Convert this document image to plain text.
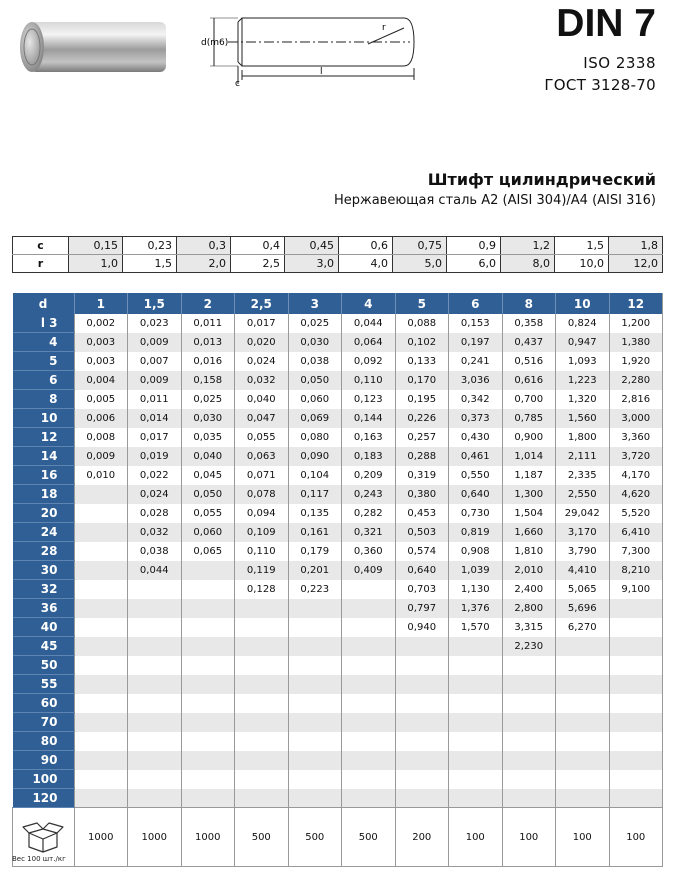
d(m6)
r
l
c
DIN 7
ISO 2338
ГОСТ 3128-70
Штифт цилиндрический
Нержавеющая сталь A2 (AISI 304)/A4 (AISI 316)
c	0,15	0,23	0,3	0,4	0,45	0,6	0,75	0,9	1,2	1,5	1,8
r	1,0	1,5	2,0	2,5	3,0	4,0	5,0	6,0	8,0	10,0	12,0
d	1	1,5	2	2,5	3	4	5	6	8	10	12
l 3	0,002	0,023	0,011	0,017	0,025	0,044	0,088	0,153	0,358	0,824	1,200
4	0,003	0,009	0,013	0,020	0,030	0,064	0,102	0,197	0,437	0,947	1,380
5	0,003	0,007	0,016	0,024	0,038	0,092	0,133	0,241	0,516	1,093	1,920
6	0,004	0,009	0,158	0,032	0,050	0,110	0,170	3,036	0,616	1,223	2,280
8	0,005	0,011	0,025	0,040	0,060	0,123	0,195	0,342	0,700	1,320	2,816
10	0,006	0,014	0,030	0,047	0,069	0,144	0,226	0,373	0,785	1,560	3,000
12	0,008	0,017	0,035	0,055	0,080	0,163	0,257	0,430	0,900	1,800	3,360
14	0,009	0,019	0,040	0,063	0,090	0,183	0,288	0,461	1,014	2,111	3,720
16	0,010	0,022	0,045	0,071	0,104	0,209	0,319	0,550	1,187	2,335	4,170
18		0,024	0,050	0,078	0,117	0,243	0,380	0,640	1,300	2,550	4,620
20		0,028	0,055	0,094	0,135	0,282	0,453	0,730	1,504	29,042	5,520
24		0,032	0,060	0,109	0,161	0,321	0,503	0,819	1,660	3,170	6,410
28		0,038	0,065	0,110	0,179	0,360	0,574	0,908	1,810	3,790	7,300
30		0,044		0,119	0,201	0,409	0,640	1,039	2,010	4,410	8,210
32				0,128	0,223		0,703	1,130	2,400	5,065	9,100
36							0,797	1,376	2,800	5,696	
40							0,940	1,570	3,315	6,270	
45									2,230		
50											
55											
60											
70											
80											
90											
100											
120											
	1000	1000	1000	500	500	500	200	100	100	100	100
Вес 100 шт./кг
